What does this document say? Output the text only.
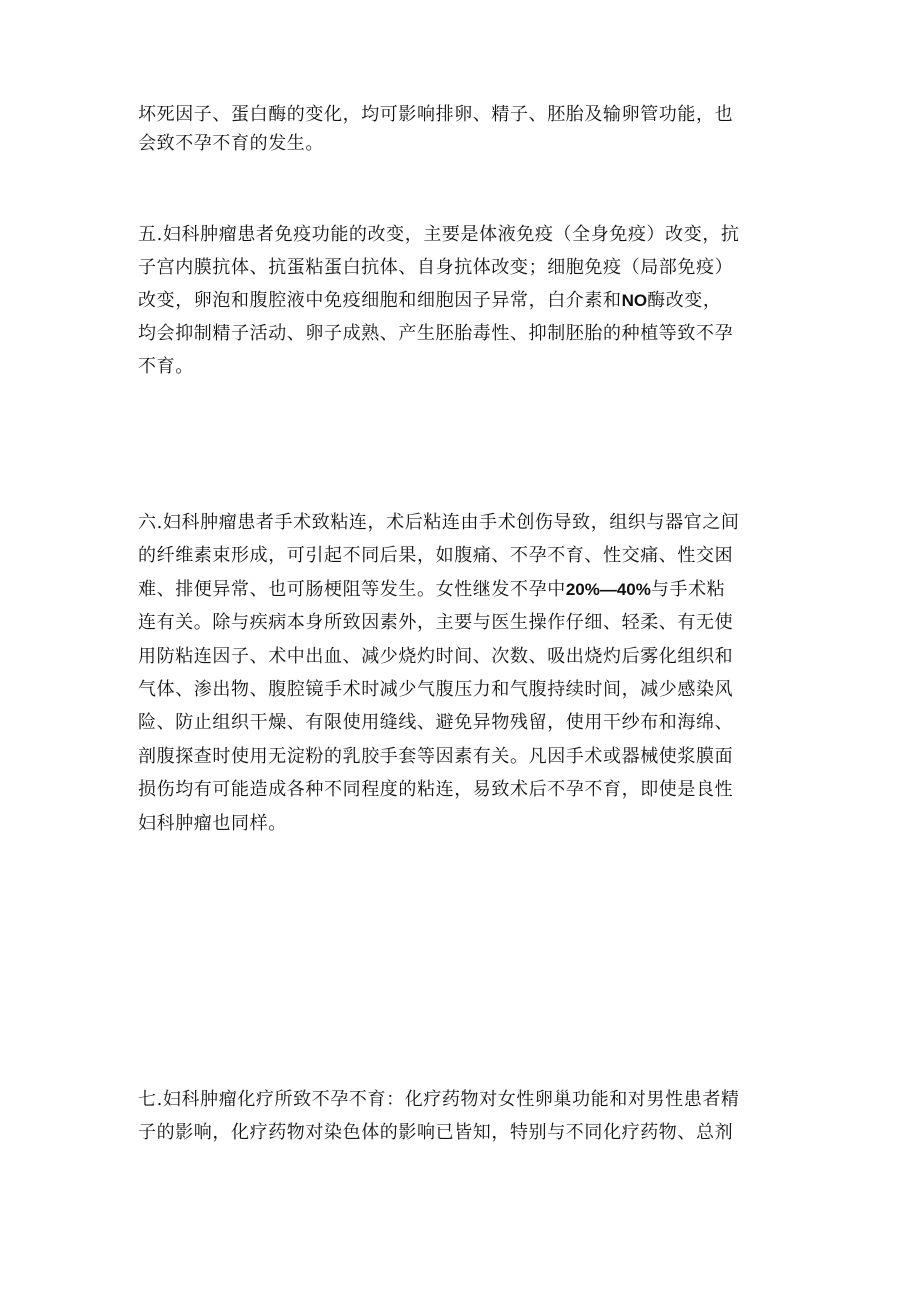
坏死因子、蛋白酶的变化，均可影响排卵、精子、胚胎及输卵管功能，也
会致不孕不育的发生。

五.妇科肿瘤患者免疫功能的改变，主要是体液免疫（全身免疫）改变，抗
子宫内膜抗体、抗蛋粘蛋白抗体、自身抗体改变；细胞免疫（局部免疫）
改变，卵泡和腹腔液中免疫细胞和细胞因子异常，白介素和NO酶改变，
均会抑制精子活动、卵子成熟、产生胚胎毒性、抑制胚胎的种植等致不孕
不育。

六.妇科肿瘤患者手术致粘连，术后粘连由手术创伤导致，组织与器官之间
的纤维素束形成，可引起不同后果，如腹痛、不孕不育、性交痛、性交困
难、排便异常、也可肠梗阻等发生。女性继发不孕中20%—40%与手术粘
连有关。除与疾病本身所致因素外，主要与医生操作仔细、轻柔、有无使
用防粘连因子、术中出血、减少烧灼时间、次数、吸出烧灼后雾化组织和
气体、渗出物、腹腔镜手术时减少气腹压力和气腹持续时间，减少感染风
险、防止组织干燥、有限使用缝线、避免异物残留，使用干纱布和海绵、
剖腹探查时使用无淀粉的乳胶手套等因素有关。凡因手术或器械使浆膜面
损伤均有可能造成各种不同程度的粘连，易致术后不孕不育，即使是良性
妇科肿瘤也同样。

七.妇科肿瘤化疗所致不孕不育：化疗药物对女性卵巢功能和对男性患者精
子的影响，化疗药物对染色体的影响已皆知，特别与不同化疗药物、总剂
